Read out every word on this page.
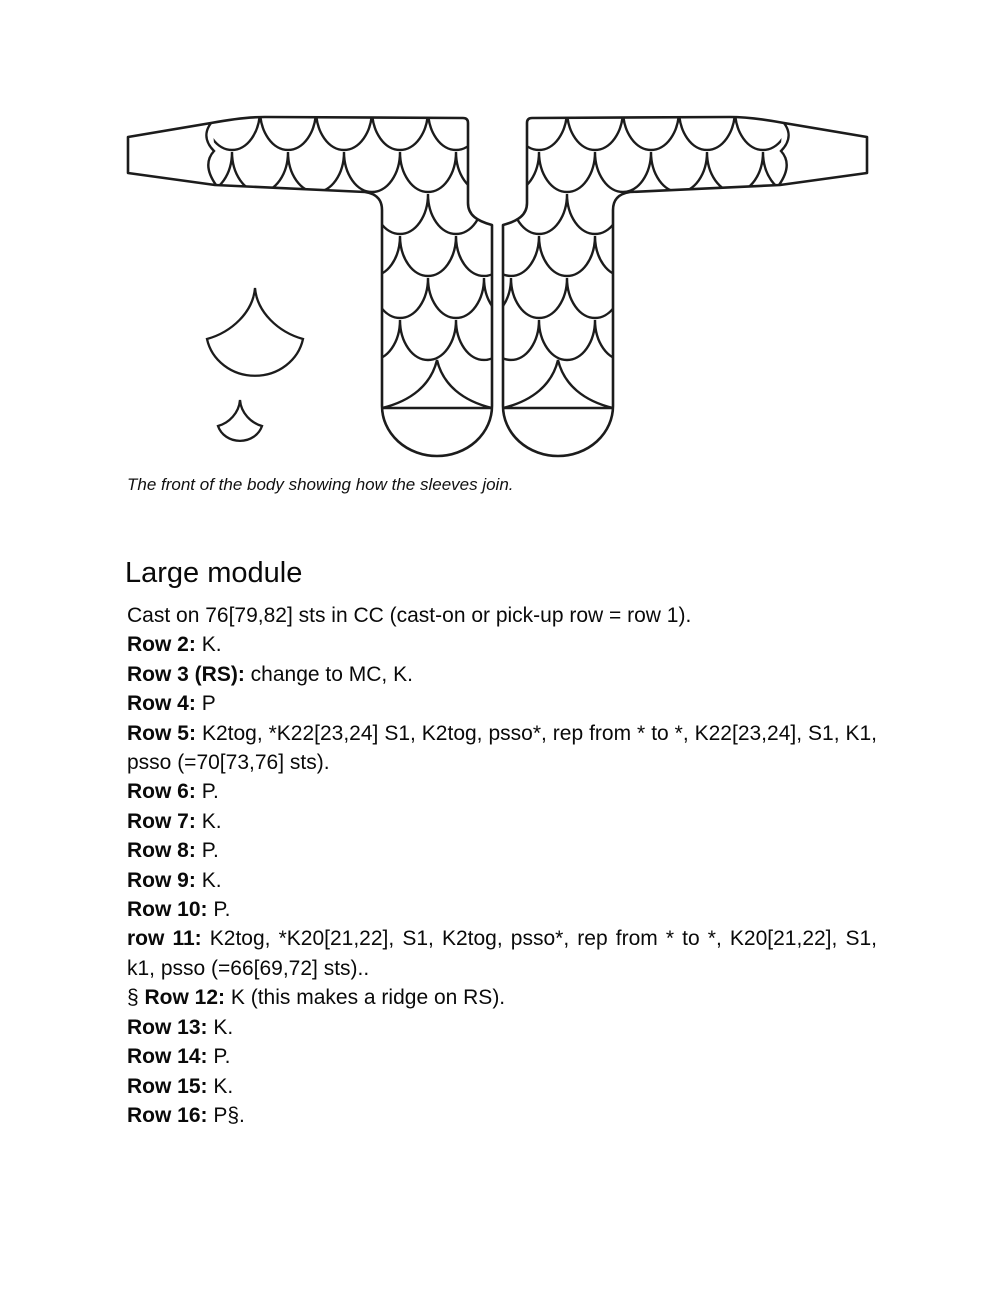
The front of the body showing how the sleeves join.
Large module

Cast on 76[79,82] sts in CC (cast-on or pick-up row = row 1).

Row 2: K.

Row 3 (RS): change to MC, K.

Row 4: P

Row 5: K2tog, *K22[23,24] S1, K2tog, psso*, rep from * to *, K22[23,24], S1, K1, psso (=70[73,76] sts).

Row 6: P.

Row 7: K.

Row 8: P.

Row 9: K.

Row 10: P.

row 11: K2tog, *K20[21,22], S1, K2tog, psso*, rep from * to *, K20[21,22], S1, k1, psso (=66[69,72] sts)..

§ Row 12: K (this makes a ridge on RS).

Row 13: K.

Row 14: P.

Row 15: K.

Row 16: P§.
